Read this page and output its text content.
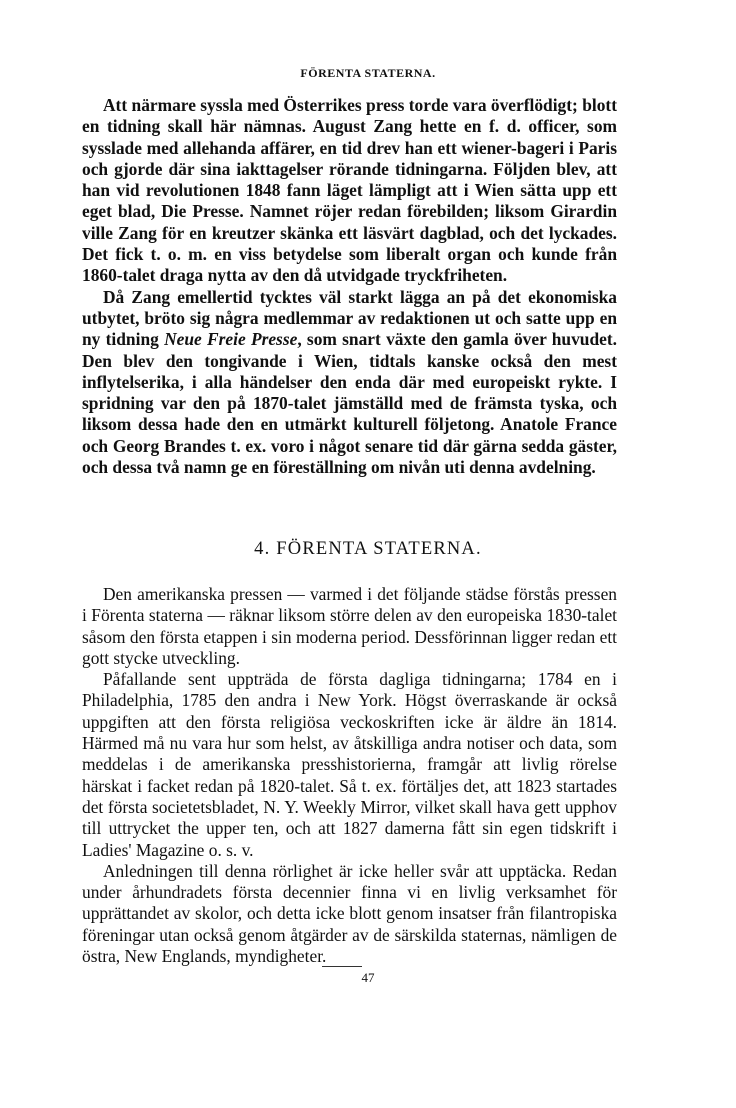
FÖRENTA STATERNA.

Att närmare syssla med Österrikes press torde vara överflödigt; blott en tidning skall här nämnas. August Zang hette en f. d. officer, som sysslade med allehanda affärer, en tid drev han ett wiener-bageri i Paris och gjorde där sina iakttagelser rörande tidningarna. Följden blev, att han vid revolutionen 1848 fann läget lämpligt att i Wien sätta upp ett eget blad, Die Presse. Namnet röjer redan förebilden; liksom Girardin ville Zang för en kreutzer skänka ett läsvärt dagblad, och det lyckades. Det fick t. o. m. en viss betydelse som liberalt organ och kunde från 1860-talet draga nytta av den då utvidgade tryckfriheten.

Då Zang emellertid tycktes väl starkt lägga an på det ekonomiska utbytet, bröto sig några medlemmar av redaktionen ut och satte upp en ny tidning Neue Freie Presse, som snart växte den gamla över huvudet. Den blev den tongivande i Wien, tidtals kanske också den mest inflytelserika, i alla händelser den enda där med europeiskt rykte. I spridning var den på 1870-talet jämställd med de främsta tyska, och liksom dessa hade den en utmärkt kulturell följetong. Anatole France och Georg Brandes t. ex. voro i något senare tid där gärna sedda gäster, och dessa två namn ge en föreställning om nivån uti denna avdelning.

4. FÖRENTA STATERNA.

Den amerikanska pressen — varmed i det följande städse förstås pressen i Förenta staterna — räknar liksom större delen av den europeiska 1830-talet såsom den första etappen i sin moderna period. Dessförinnan ligger redan ett gott stycke utveckling.

Påfallande sent uppträda de första dagliga tidningarna; 1784 en i Philadelphia, 1785 den andra i New York. Högst överraskande är också uppgiften att den första religiösa veckoskriften icke är äldre än 1814. Härmed må nu vara hur som helst, av åtskilliga andra notiser och data, som meddelas i de amerikanska presshistorierna, framgår att livlig rörelse härskat i facket redan på 1820-talet. Så t. ex. förtäljes det, att 1823 startades det första societetsbladet, N. Y. Weekly Mirror, vilket skall hava gett upphov till uttrycket the upper ten, och att 1827 damerna fått sin egen tidskrift i Ladies' Magazine o. s. v.

Anledningen till denna rörlighet är icke heller svår att upptäcka. Redan under århundradets första decennier finna vi en livlig verksamhet för upprättandet av skolor, och detta icke blott genom insatser från filantropiska föreningar utan också genom åtgärder av de särskilda staternas, nämligen de östra, New Englands, myndigheter.

47
